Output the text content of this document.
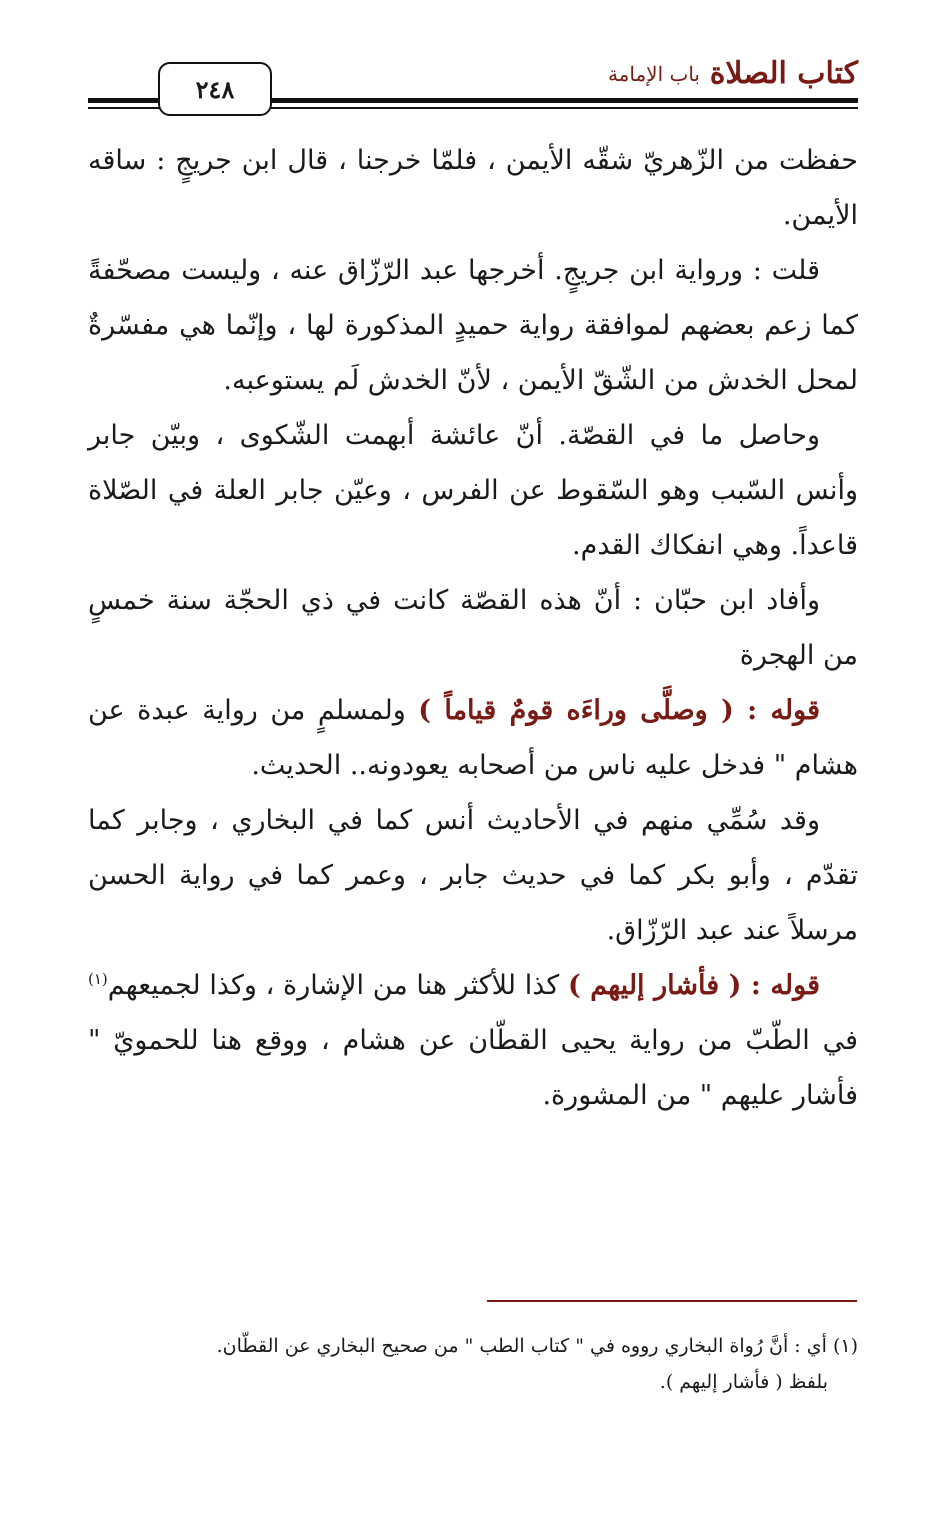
كتاب الصلاة
باب الإمامة
٢٤٨

حفظت من الزّهريّ شقّه الأيمن ، فلمّا خرجنا ، قال ابن جريجٍ : ساقه الأيمن.

قلت : ورواية ابن جريجٍ. أخرجها عبد الرّزّاق عنه ، وليست مصحّفةً كما زعم بعضهم لموافقة رواية حميدٍ المذكورة لها ، وإنّما هي مفسّرةٌ لمحل الخدش من الشّقّ الأيمن ، لأنّ الخدش لَم يستوعبه.

وحاصل ما في القصّة. أنّ عائشة أبهمت الشّكوى ، وبيّن جابر وأنس السّبب وهو السّقوط عن الفرس ، وعيّن جابر العلة في الصّلاة قاعداً. وهي انفكاك القدم.

وأفاد ابن حبّان : أنّ هذه القصّة كانت في ذي الحجّة سنة خمسٍ من الهجرة

قوله : ( وصلَّى وراءَه قومٌ قياماً ) ولمسلمٍ من رواية عبدة عن هشام " فدخل عليه ناس من أصحابه يعودونه.. الحديث.

وقد سُمِّي منهم في الأحاديث أنس كما في البخاري ، وجابر كما تقدّم ، وأبو بكر كما في حديث جابر ، وعمر كما في رواية الحسن مرسلاً عند عبد الرّزّاق.

قوله : ( فأشار إليهم ) كذا للأكثر هنا من الإشارة ، وكذا لجميعهم$^{(١)}$ في الطّبّ من رواية يحيى القطّان عن هشام ، ووقع هنا للحمويّ " فأشار عليهم " من المشورة.

(١) أي : أنَّ رُواة البخاري رووه في " كتاب الطب " من صحيح البخاري عن القطّان.

بلفظ ( فأشار إليهم ).
